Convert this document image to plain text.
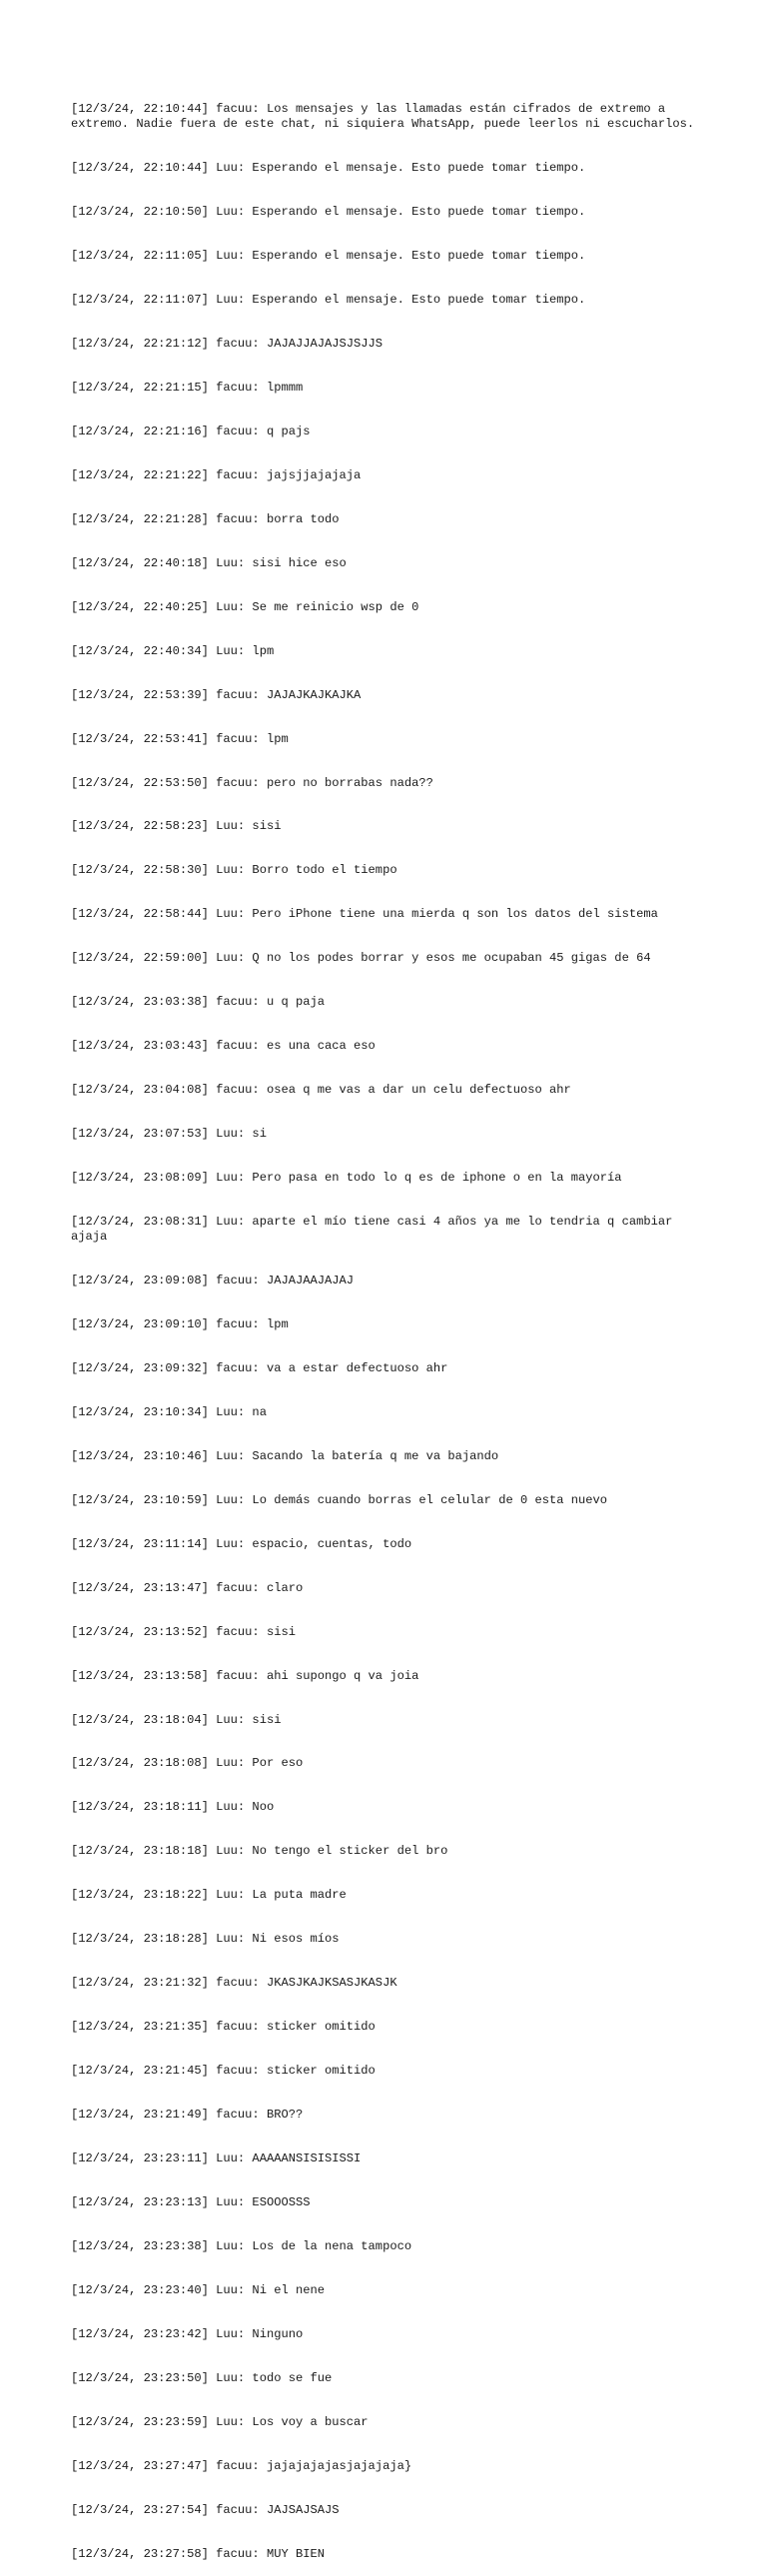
[12/3/24, 22:10:44] facuu: Los mensajes y las llamadas están cifrados de extremo a extremo. Nadie fuera de este chat, ni siquiera WhatsApp, puede leerlos ni escucharlos.

[12/3/24, 22:10:44] Luu: Esperando el mensaje. Esto puede tomar tiempo.

[12/3/24, 22:10:50] Luu: Esperando el mensaje. Esto puede tomar tiempo.

[12/3/24, 22:11:05] Luu: Esperando el mensaje. Esto puede tomar tiempo.

[12/3/24, 22:11:07] Luu: Esperando el mensaje. Esto puede tomar tiempo.

[12/3/24, 22:21:12] facuu: JAJAJJAJAJSJSJJS

[12/3/24, 22:21:15] facuu: lpmmm

[12/3/24, 22:21:16] facuu: q pajs

[12/3/24, 22:21:22] facuu: jajsjjajajaja

[12/3/24, 22:21:28] facuu: borra todo

[12/3/24, 22:40:18] Luu: sisi hice eso

[12/3/24, 22:40:25] Luu: Se me reinicio wsp de 0

[12/3/24, 22:40:34] Luu: lpm

[12/3/24, 22:53:39] facuu: JAJAJKAJKAJKA

[12/3/24, 22:53:41] facuu: lpm

[12/3/24, 22:53:50] facuu: pero no borrabas nada??

[12/3/24, 22:58:23] Luu: sisi

[12/3/24, 22:58:30] Luu: Borro todo el tiempo

[12/3/24, 22:58:44] Luu: Pero iPhone tiene una mierda q son los datos del sistema

[12/3/24, 22:59:00] Luu: Q no los podes borrar y esos me ocupaban 45 gigas de 64

[12/3/24, 23:03:38] facuu: u q paja

[12/3/24, 23:03:43] facuu: es una caca eso

[12/3/24, 23:04:08] facuu: osea q me vas a dar un celu defectuoso ahr

[12/3/24, 23:07:53] Luu: si

[12/3/24, 23:08:09] Luu: Pero pasa en todo lo q es de iphone o en la mayoría

[12/3/24, 23:08:31] Luu: aparte el mío tiene casi 4 años ya me lo tendria q cambiar ajaja

[12/3/24, 23:09:08] facuu: JAJAJAAJAJAJ

[12/3/24, 23:09:10] facuu: lpm

[12/3/24, 23:09:32] facuu: va a estar defectuoso ahr

[12/3/24, 23:10:34] Luu: na

[12/3/24, 23:10:46] Luu: Sacando la batería q me va bajando

[12/3/24, 23:10:59] Luu: Lo demás cuando borras el celular de 0 esta nuevo

[12/3/24, 23:11:14] Luu: espacio, cuentas, todo

[12/3/24, 23:13:47] facuu: claro

[12/3/24, 23:13:52] facuu: sisi

[12/3/24, 23:13:58] facuu: ahi supongo q va joia

[12/3/24, 23:18:04] Luu: sisi

[12/3/24, 23:18:08] Luu: Por eso

[12/3/24, 23:18:11] Luu: Noo

[12/3/24, 23:18:18] Luu: No tengo el sticker del bro

[12/3/24, 23:18:22] Luu: La puta madre

[12/3/24, 23:18:28] Luu: Ni esos míos

[12/3/24, 23:21:32] facuu: JKASJKAJKSASJKASJK

[12/3/24, 23:21:35] facuu: sticker omitido

[12/3/24, 23:21:45] facuu: sticker omitido

[12/3/24, 23:21:49] facuu: BRO??

[12/3/24, 23:23:11] Luu: AAAAANSISISISSI

[12/3/24, 23:23:13] Luu: ESOOOSSS

[12/3/24, 23:23:38] Luu: Los de la nena tampoco

[12/3/24, 23:23:40] Luu: Ni el nene

[12/3/24, 23:23:42] Luu: Ninguno

[12/3/24, 23:23:50] Luu: todo se fue

[12/3/24, 23:23:59] Luu: Los voy a buscar

[12/3/24, 23:27:47] facuu: jajajajajasjajajaja}

[12/3/24, 23:27:54] facuu: JAJSAJSAJS

[12/3/24, 23:27:58] facuu: MUY BIEN
